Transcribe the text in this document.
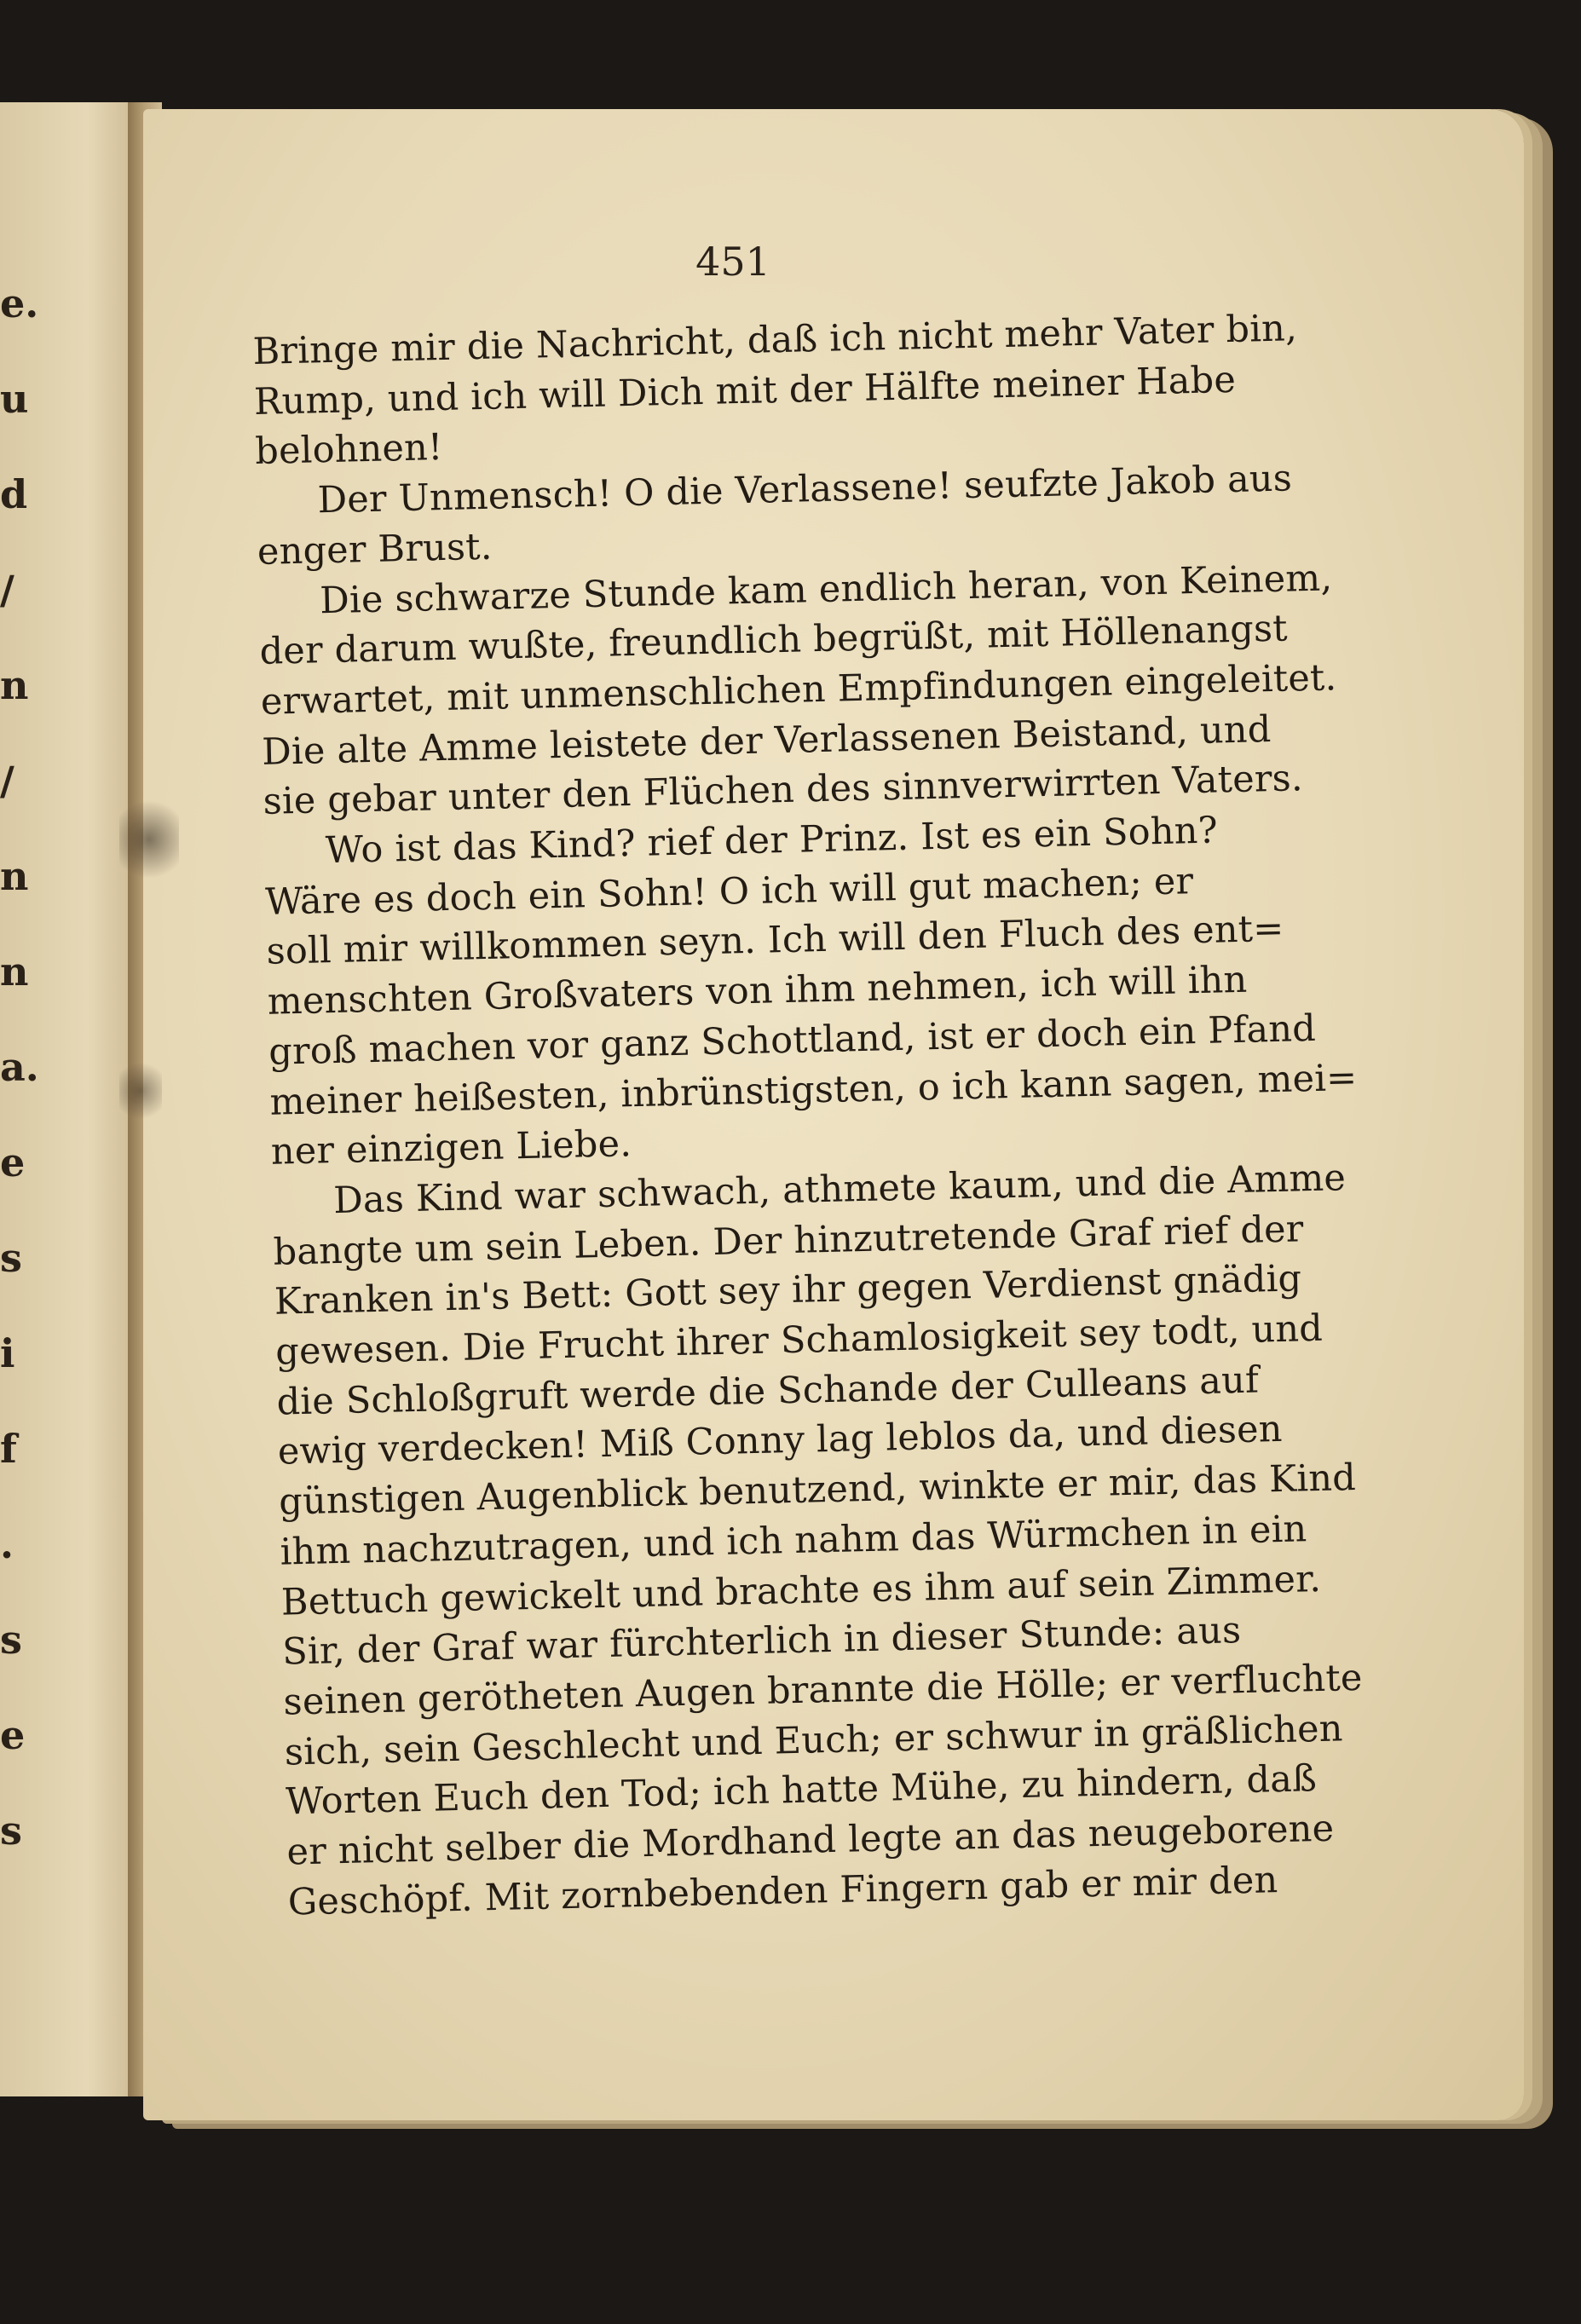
e.
u
d
/
n
/
n
n
a.
e
s
i
f
.
s
e
s
451
Bringe mir die Nachricht, daß ich nicht mehr Vater bin,
Rump, und ich will Dich mit der Hälfte meiner Habe
belohnen!
Der Unmensch! O die Verlassene! seufzte Jakob aus
enger Brust.
Die schwarze Stunde kam endlich heran, von Keinem,
der darum wußte, freundlich begrüßt, mit Höllenangst
erwartet, mit unmenschlichen Empfindungen eingeleitet.
Die alte Amme leistete der Verlassenen Beistand, und
sie gebar unter den Flüchen des sinnverwirrten Vaters.
Wo ist das Kind? rief der Prinz. Ist es ein Sohn?
Wäre es doch ein Sohn! O ich will gut machen; er
soll mir willkommen seyn. Ich will den Fluch des ent=
menschten Großvaters von ihm nehmen, ich will ihn
groß machen vor ganz Schottland, ist er doch ein Pfand
meiner heißesten, inbrünstigsten, o ich kann sagen, mei=
ner einzigen Liebe.
Das Kind war schwach, athmete kaum, und die Amme
bangte um sein Leben. Der hinzutretende Graf rief der
Kranken in's Bett: Gott sey ihr gegen Verdienst gnädig
gewesen. Die Frucht ihrer Schamlosigkeit sey todt, und
die Schloßgruft werde die Schande der Culleans auf
ewig verdecken! Miß Conny lag leblos da, und diesen
günstigen Augenblick benutzend, winkte er mir, das Kind
ihm nachzutragen, und ich nahm das Würmchen in ein
Bettuch gewickelt und brachte es ihm auf sein Zimmer.
Sir, der Graf war fürchterlich in dieser Stunde: aus
seinen gerötheten Augen brannte die Hölle; er verfluchte
sich, sein Geschlecht und Euch; er schwur in gräßlichen
Worten Euch den Tod; ich hatte Mühe, zu hindern, daß
er nicht selber die Mordhand legte an das neugeborene
Geschöpf. Mit zornbebenden Fingern gab er mir den
